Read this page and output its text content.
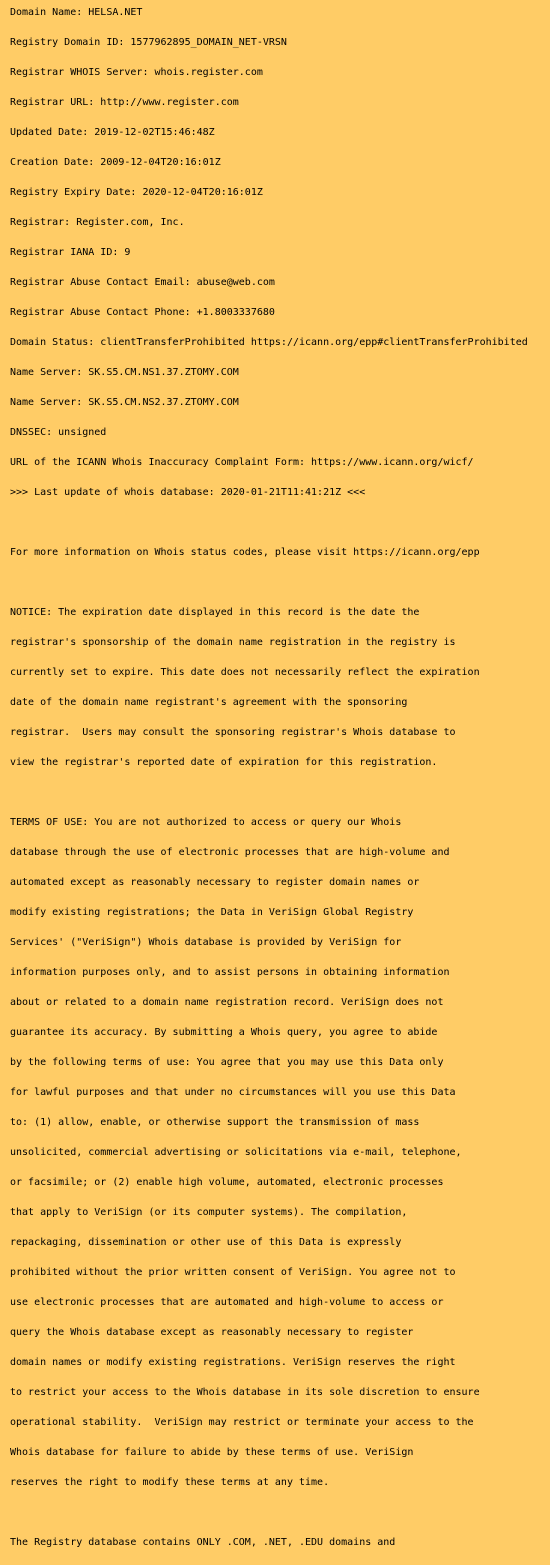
Domain Name: HELSA.NET

Registry Domain ID: 1577962895_DOMAIN_NET-VRSN

Registrar WHOIS Server: whois.register.com

Registrar URL: http://www.register.com

Updated Date: 2019-12-02T15:46:48Z

Creation Date: 2009-12-04T20:16:01Z

Registry Expiry Date: 2020-12-04T20:16:01Z

Registrar: Register.com, Inc.

Registrar IANA ID: 9

Registrar Abuse Contact Email: abuse@web.com

Registrar Abuse Contact Phone: +1.8003337680

Domain Status: clientTransferProhibited https://icann.org/epp#clientTransferProhibited

Name Server: SK.S5.CM.NS1.37.ZTOMY.COM

Name Server: SK.S5.CM.NS2.37.ZTOMY.COM

DNSSEC: unsigned

URL of the ICANN Whois Inaccuracy Complaint Form: https://www.icann.org/wicf/

>>> Last update of whois database: 2020-01-21T11:41:21Z <<<

For more information on Whois status codes, please visit https://icann.org/epp

NOTICE: The expiration date displayed in this record is the date the

registrar's sponsorship of the domain name registration in the registry is

currently set to expire. This date does not necessarily reflect the expiration

date of the domain name registrant's agreement with the sponsoring

registrar.  Users may consult the sponsoring registrar's Whois database to

view the registrar's reported date of expiration for this registration.

TERMS OF USE: You are not authorized to access or query our Whois

database through the use of electronic processes that are high-volume and

automated except as reasonably necessary to register domain names or

modify existing registrations; the Data in VeriSign Global Registry

Services' ("VeriSign") Whois database is provided by VeriSign for

information purposes only, and to assist persons in obtaining information

about or related to a domain name registration record. VeriSign does not

guarantee its accuracy. By submitting a Whois query, you agree to abide

by the following terms of use: You agree that you may use this Data only

for lawful purposes and that under no circumstances will you use this Data

to: (1) allow, enable, or otherwise support the transmission of mass

unsolicited, commercial advertising or solicitations via e-mail, telephone,

or facsimile; or (2) enable high volume, automated, electronic processes

that apply to VeriSign (or its computer systems). The compilation,

repackaging, dissemination or other use of this Data is expressly

prohibited without the prior written consent of VeriSign. You agree not to

use electronic processes that are automated and high-volume to access or

query the Whois database except as reasonably necessary to register

domain names or modify existing registrations. VeriSign reserves the right

to restrict your access to the Whois database in its sole discretion to ensure

operational stability.  VeriSign may restrict or terminate your access to the

Whois database for failure to abide by these terms of use. VeriSign

reserves the right to modify these terms at any time.

The Registry database contains ONLY .COM, .NET, .EDU domains and
